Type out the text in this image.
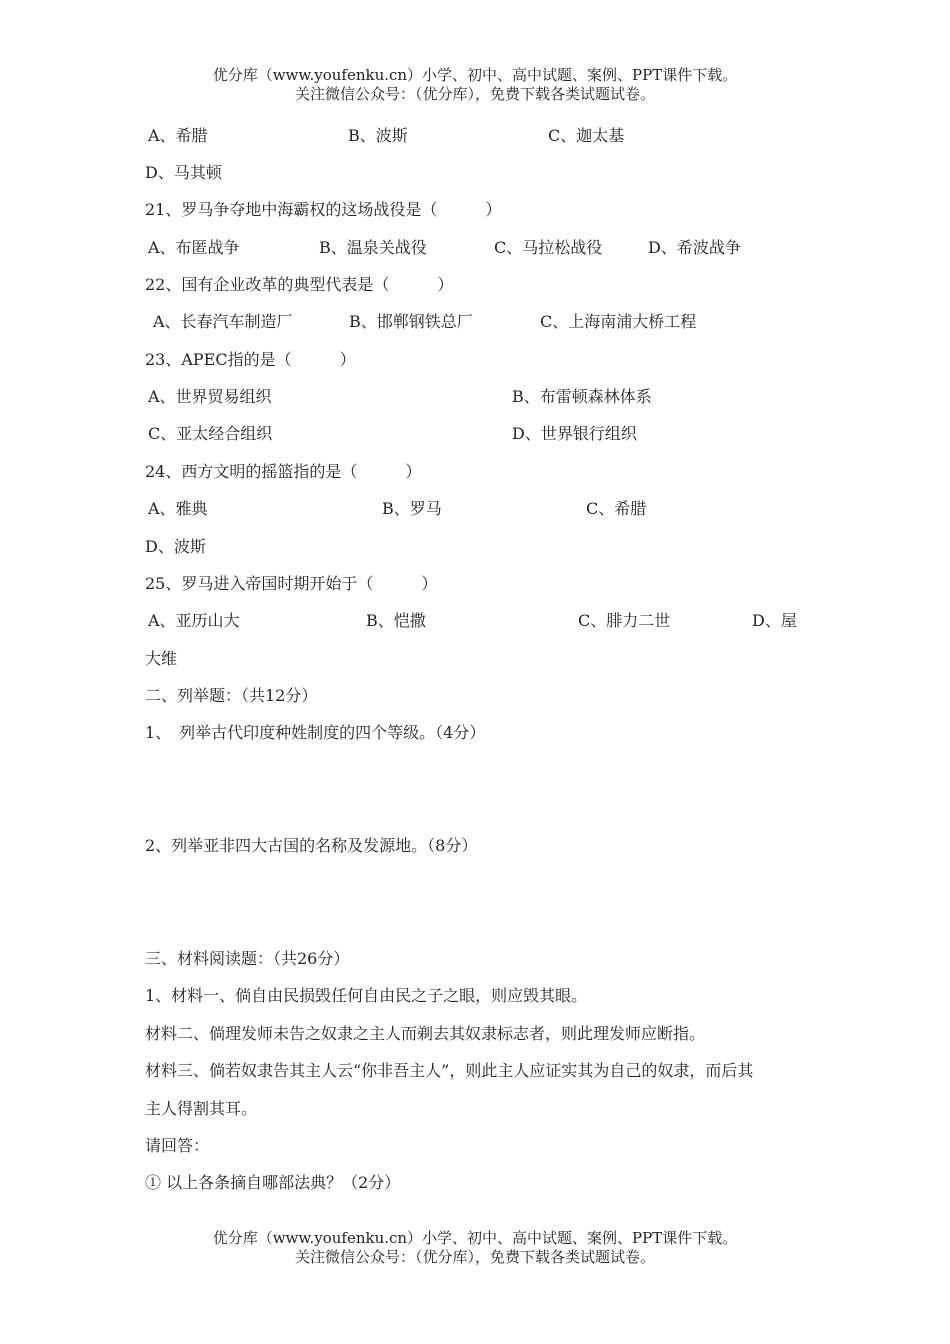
优分库（www.youfenku.cn）小学、初中、高中试题、案例、PPT课件下载。
关注微信公众号：（优分库），免费下载各类试题试卷。
A、希腊	B、波斯	C、迦太基
D、马其顿
21、罗马争夺地中海霸权的这场战役是（　　　）
A、布匿战争	B、温泉关战役	C、马拉松战役	D、希波战争
22、国有企业改革的典型代表是（　　　）
A、长春汽车制造厂	B、邯郸钢铁总厂	C、上海南浦大桥工程
23、APEC指的是（　　　）
A、世界贸易组织	B、布雷顿森林体系
C、亚太经合组织	D、世界银行组织
24、西方文明的摇篮指的是（　　　）
A、雅典	B、罗马	C、希腊
D、波斯
25、罗马进入帝国时期开始于（　　　）
A、亚历山大	B、恺撒	C、腓力二世	D、屋
大维
二、列举题：（共12分）
1、　列举古代印度种姓制度的四个等级。（4分）
2、列举亚非四大古国的名称及发源地。（8分）
三、材料阅读题：（共26分）
1、材料一、倘自由民损毁任何自由民之子之眼，则应毁其眼。
材料二、倘理发师未告之奴隶之主人而剃去其奴隶标志者，则此理发师应断指。
材料三、倘若奴隶告其主人云“你非吾主人”，则此主人应证实其为自己的奴隶，而后其
主人得割其耳。
请回答：
① 以上各条摘自哪部法典？（2分）
优分库（www.youfenku.cn）小学、初中、高中试题、案例、PPT课件下载。
关注微信公众号：（优分库），免费下载各类试题试卷。
